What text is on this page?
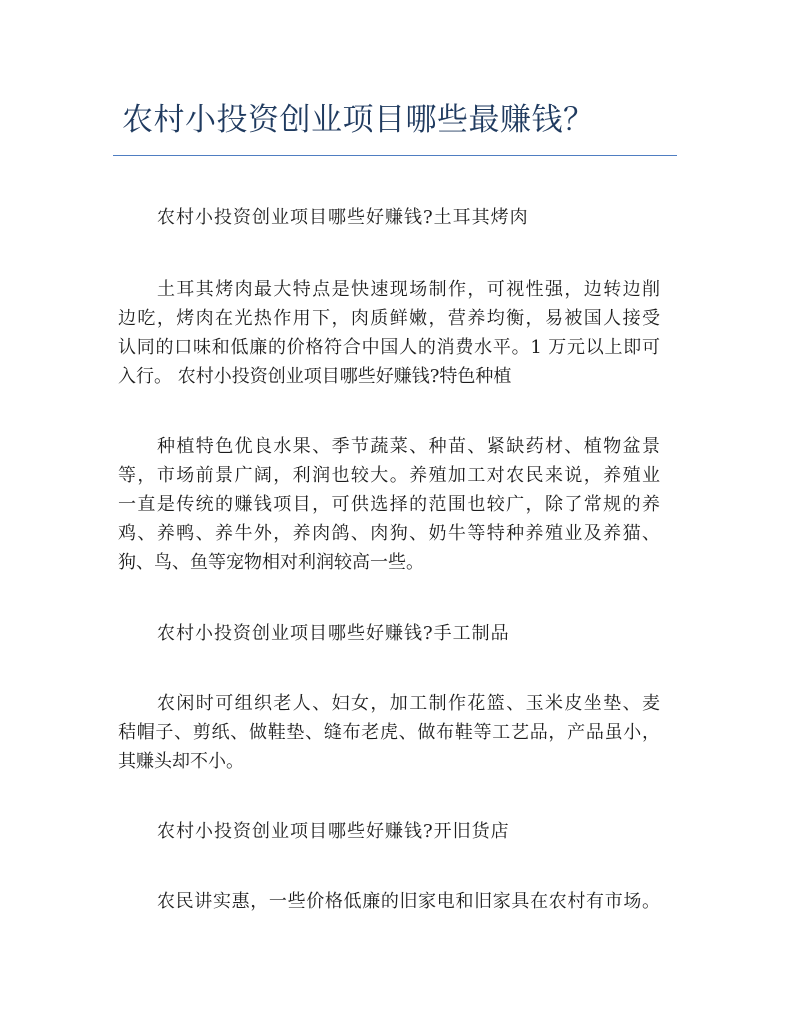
农村小投资创业项目哪些最赚钱？
农村小投资创业项目哪些好赚钱?土耳其烤肉
土耳其烤肉最大特点是快速现场制作，可视性强，边转边削
边吃，烤肉在光热作用下，肉质鲜嫩，营养均衡，易被国人接受
认同的口味和低廉的价格符合中国人的消费水平。1 万元以上即可
入行。 农村小投资创业项目哪些好赚钱?特色种植
种植特色优良水果、季节蔬菜、种苗、紧缺药材、植物盆景
等，市场前景广阔，利润也较大。养殖加工对农民来说，养殖业
一直是传统的赚钱项目，可供选择的范围也较广，除了常规的养
鸡、养鸭、养牛外，养肉鸽、肉狗、奶牛等特种养殖业及养猫、
狗、鸟、鱼等宠物相对利润较高一些。
农村小投资创业项目哪些好赚钱?手工制品
农闲时可组织老人、妇女，加工制作花篮、玉米皮坐垫、麦
秸帽子、剪纸、做鞋垫、缝布老虎、做布鞋等工艺品，产品虽小，
其赚头却不小。
农村小投资创业项目哪些好赚钱?开旧货店
农民讲实惠，一些价格低廉的旧家电和旧家具在农村有市场。
